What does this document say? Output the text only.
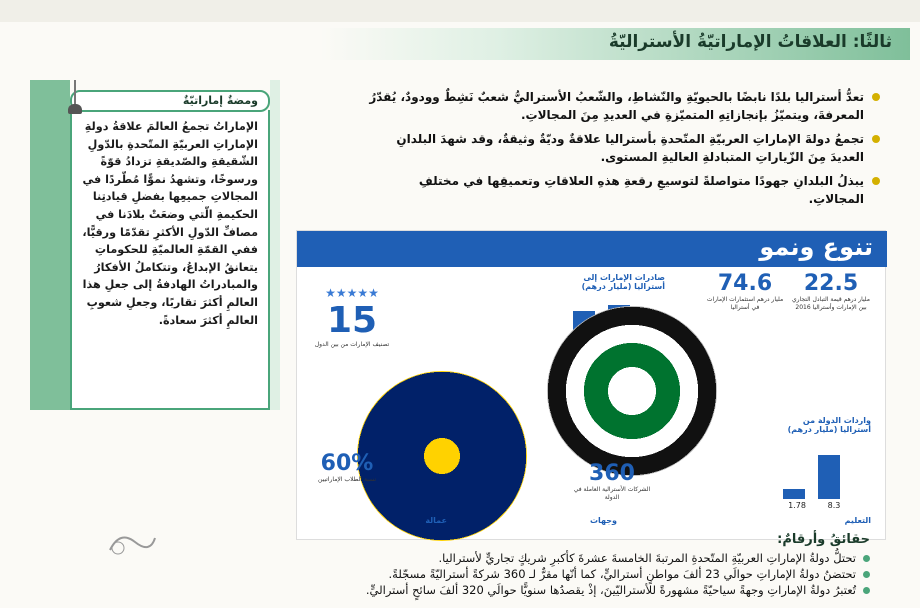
ثالثًا: العلاقاتُ الإماراتيّةُ الأستراليّةُ
الإماراتُ تجمعُ العالمَ علاقةُ دولةِ الإماراتِ العربيّةِ المتّحدةِ بالدّولِ الشّقيقةِ والصّديقةِ تزدادُ قوّةً ورسوخًا، وتشهدُ نموًّا مُطّردًا في المجالاتِ جميعِها بفضلِ قيادتِنا الحكيمةِ الّتي وضعَتْ بلادَنا في مصافِّ الدّولِ الأكثرِ تقدّمًا ورقيًّا، ففي القمّةِ العالميّةِ للحكوماتِ يتعانقُ الإبداعُ، وتتكاملُ الأفكارُ والمبادراتُ الهادفةُ إلى جعلِ هذا العالمِ أكثرَ تقاربًا، وجعلِ شعوبِ العالمِ أكثرَ سعادةً.
ومضةٌ إماراتيّةٌ	تعدُّ أستراليا بلدًا نابضًا بالحيويّةِ والنّشاطِ، والشّعبُ الأستراليُّ شعبٌ نَشِطٌ وودودٌ، يُقدّرُ المعرفةَ، ويتميّزُ بإنجازاتِهِ المتميّزةِ في العديدِ مِنَ المجالاتِ.
تجمعُ دولةَ الإماراتِ العربيّةِ المتّحدةِ بأستراليا علاقةٌ وديّةٌ وثيقةٌ، وقد شهدَ البلدانِ العديدَ مِنَ الزّياراتِ المتبادلةِ العاليةِ المستوى.
يبذلُ البلدانِ جهودًا متواصلةً لتوسيعِ رقعةِ هذهِ العلاقاتِ وتعميقِها في مختلفِ المجالاتِ.
تنوع ونمو
22.5
مليار درهم قيمة التبادل التجاري بين الإمارات وأستراليا 2016
74.6
مليار درهم استثمارات الإمارات في أستراليا
صادرات الإمارات إلى أستراليا (مليار درهم)
★★★★★
15
تصنيف الإمارات من بين الدول
واردات الدولة من أستراليا (مليار درهم)
8.3
1.78
360
الشركات الأسترالية العاملة في الدولة
60%
نسبة الطلاب الإماراتيين
التعليم
وجهات
عمالة
حقائقُ وأرقامٌ:
تحتلُّ دولةُ الإماراتِ العربيّةِ المتّحدةِ المرتبةَ الخامسةَ عشرةَ كأكبرِ شريكٍ تجاريٍّ لأستراليا.
تحتضنُ دولةُ الإماراتِ حوالَي 23 ألفَ مواطنٍ أستراليٍّ، كما أنّها مقرٌّ لـ 360 شركةً أستراليّةً مسجّلةً.
تُعتبرُ دولةُ الإماراتِ وجهةً سياحيّةً مشهورةً للأستراليّينَ، إذْ يقصدُها سنويًّا حوالَي 320 ألفَ سائحٍ أستراليٍّ.
